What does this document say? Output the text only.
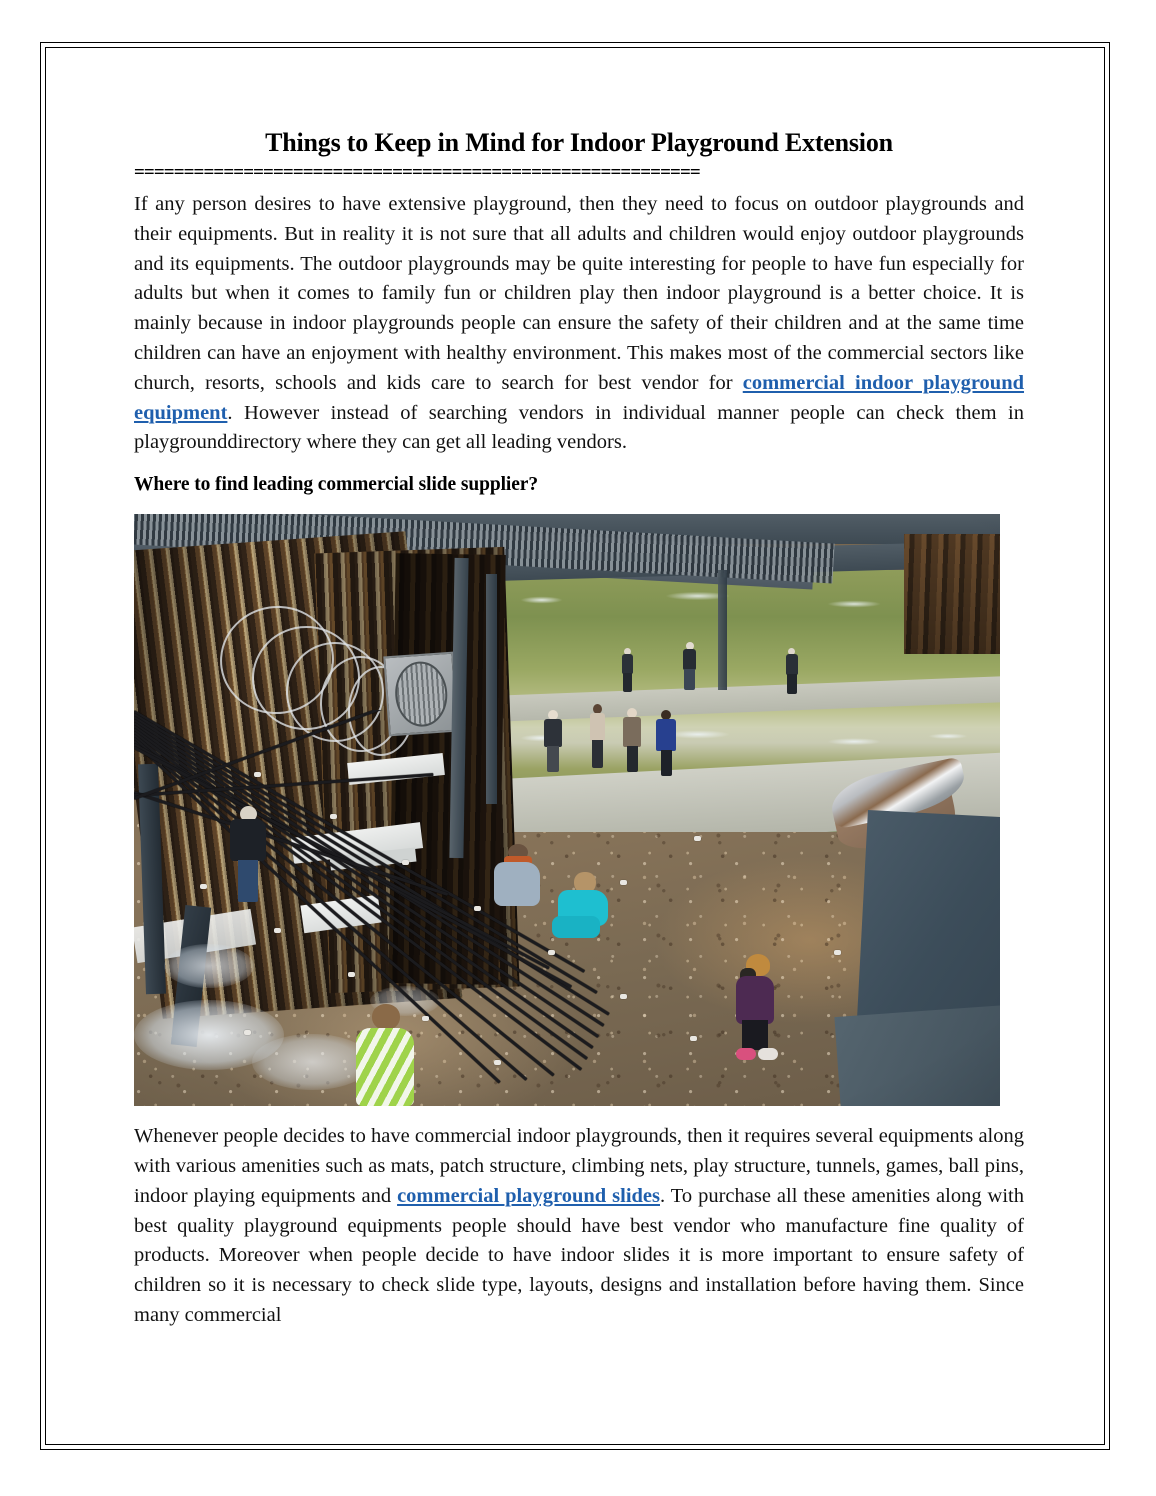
Things to Keep in Mind for Indoor Playground Extension
=========================================================

If any person desires to have extensive playground, then they need to focus on outdoor playgrounds and their equipments. But in reality it is not sure that all adults and children would enjoy outdoor playgrounds and its equipments. The outdoor playgrounds may be quite interesting for people to have fun especially for adults but when it comes to family fun or children play then indoor playground is a better choice. It is mainly because in indoor playgrounds people can ensure the safety of their children and at the same time children can have an enjoyment with healthy environment. This makes most of the commercial sectors like church, resorts, schools and kids care to search for best vendor for commercial indoor playground equipment. However instead of searching vendors in individual manner people can check them in playgrounddirectory where they can get all leading vendors.

Where to find leading commercial slide supplier?

Whenever people decides to have commercial indoor playgrounds, then it requires several equipments along with various amenities such as mats, patch structure, climbing nets, play structure, tunnels, games, ball pins, indoor playing equipments and commercial playground slides. To purchase all these amenities along with best quality playground equipments people should have best vendor who manufacture fine quality of products. Moreover when people decide to have indoor slides it is more important to ensure safety of children so it is necessary to check slide type, layouts, designs and installation before having them. Since many commercial
